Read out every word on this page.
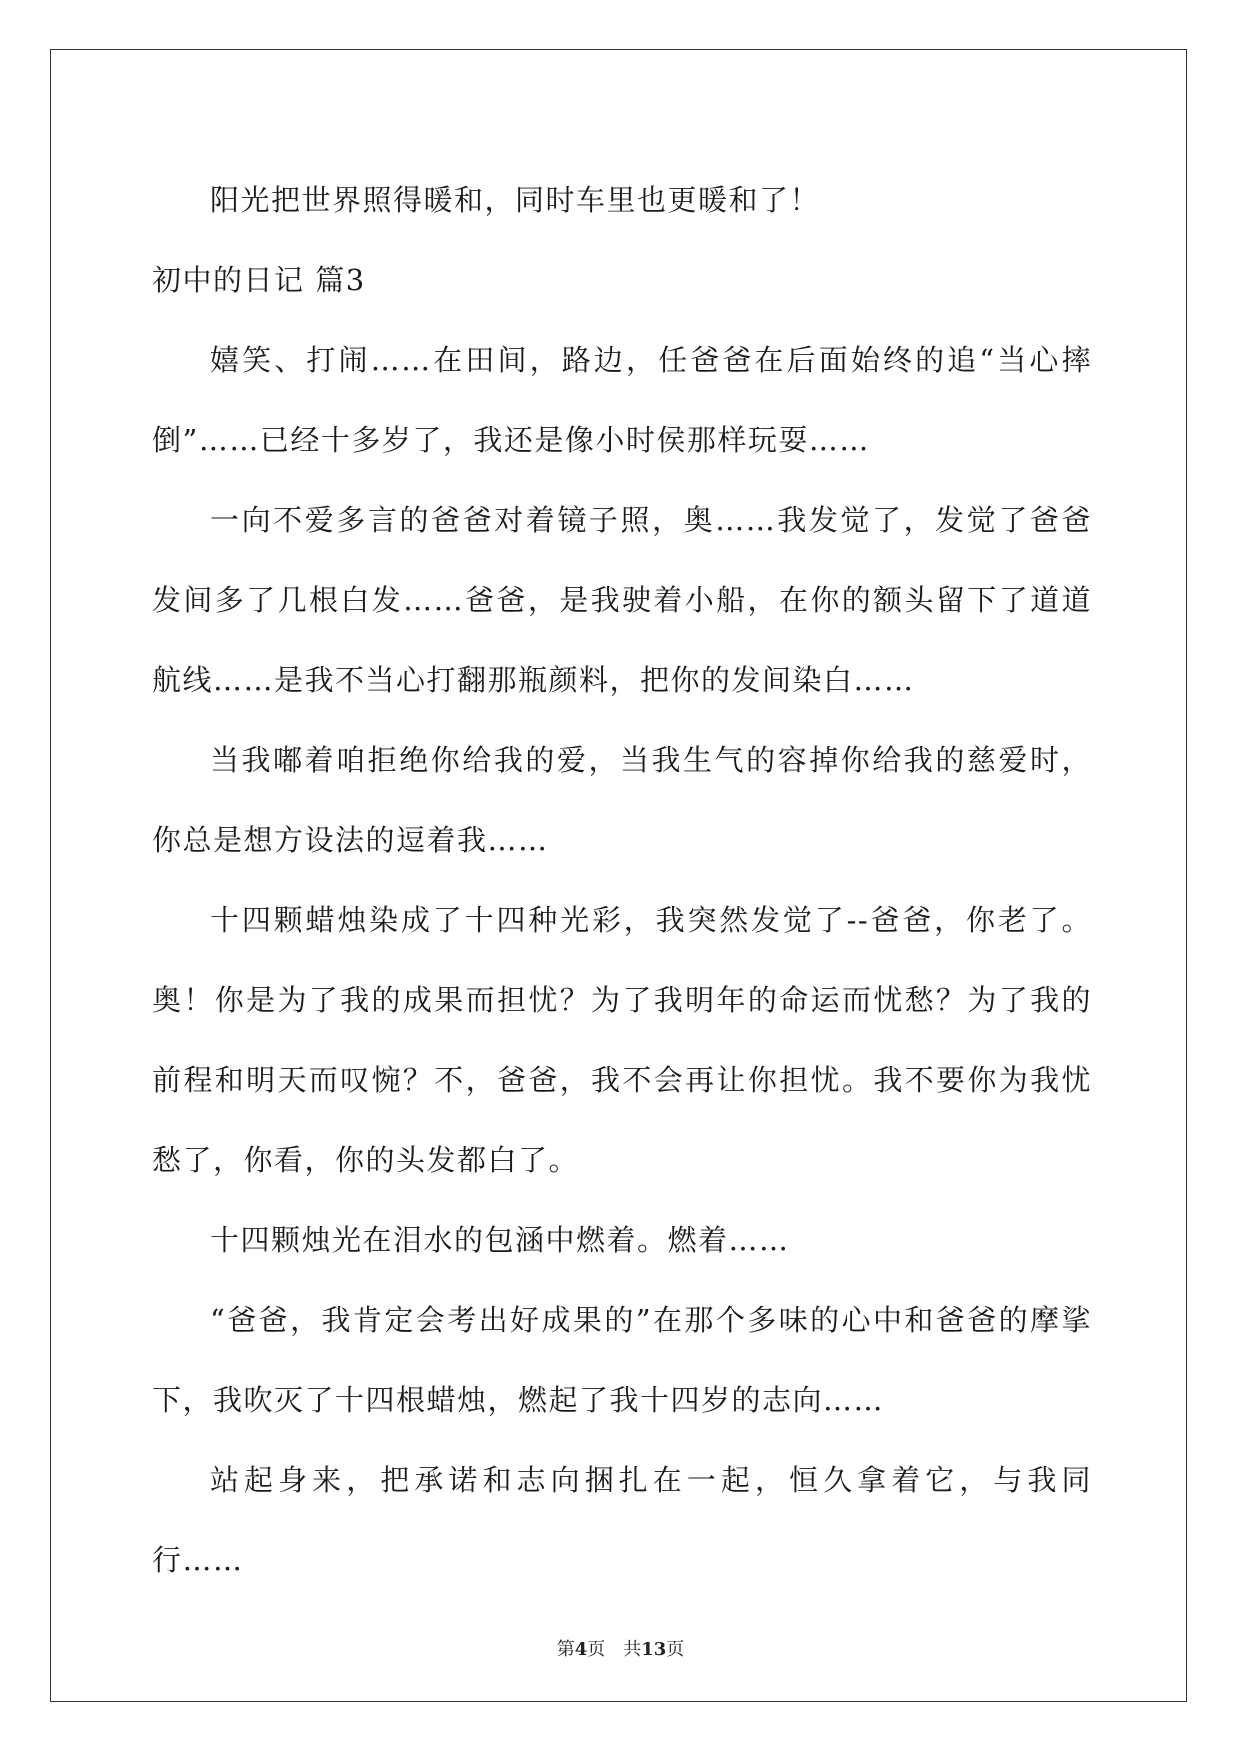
阳光把世界照得暖和，同时车里也更暖和了！

初中的日记 篇3

嬉笑、打闹……在田间，路边，任爸爸在后面始终的追“当心摔倒”……已经十多岁了，我还是像小时侯那样玩耍……

一向不爱多言的爸爸对着镜子照，奥……我发觉了，发觉了爸爸发间多了几根白发……爸爸，是我驶着小船，在你的额头留下了道道航线……是我不当心打翻那瓶颜料，把你的发间染白……

当我嘟着咱拒绝你给我的爱，当我生气的容掉你给我的慈爱时，你总是想方设法的逗着我……

十四颗蜡烛染成了十四种光彩，我突然发觉了--爸爸，你老了。奥！你是为了我的成果而担忧？为了我明年的命运而忧愁？为了我的前程和明天而叹惋？不，爸爸，我不会再让你担忧。我不要你为我忧愁了，你看，你的头发都白了。

十四颗烛光在泪水的包涵中燃着。燃着……

“爸爸，我肯定会考出好成果的”在那个多味的心中和爸爸的摩挲下，我吹灭了十四根蜡烛，燃起了我十四岁的志向……

站起身来，把承诺和志向捆扎在一起，恒久拿着它，与我同行……

第4页 共13页
